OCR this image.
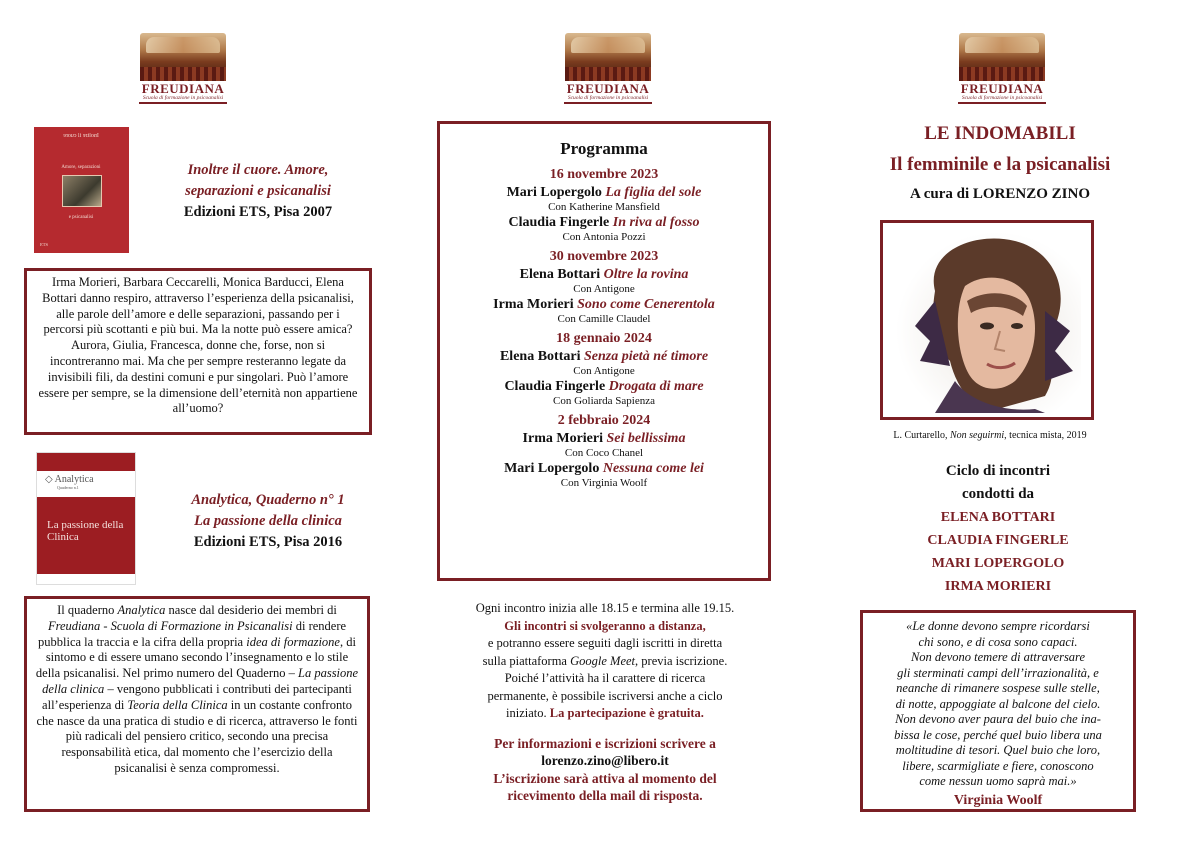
FREUDIANA
Scuola di formazione in psicoanalisi
FREUDIANA
Scuola di formazione in psicoanalisi
FREUDIANA
Scuola di formazione in psicoanalisi
Inoltre il cuore
Amore, separazioni
e psicanalisi
ETS
Inoltre il cuore. Amore,
separazioni e psicanalisi
Edizioni ETS, Pisa 2007
Irma Morieri, Barbara Ceccarelli, Monica Barducci, Elena Bottari danno respiro, attraverso l’esperienza della psicanalisi, alle parole dell’amore e delle separazioni, passando per i percorsi più scottanti e più bui. Ma la notte può essere amica? Aurora, Giulia, Francesca, donne che, forse, non si incontreranno mai. Ma che per sempre resteranno legate da invisibili fili, da destini comuni e pur singolari. Può l’amore essere per sempre, se la dimensione dell’eternità non appartiene all’uomo?
◇ Analytica
Quaderno n.1
La passione della Clinica
Analytica, Quaderno n° 1
La passione della clinica
Edizioni ETS, Pisa 2016
Il quaderno Analytica nasce dal desiderio dei membri di Freudiana - Scuola di Formazione in Psicanalisi di rendere pubblica la traccia e la cifra della propria idea di formazione, di sintomo e di essere umano secondo l’insegnamento e lo stile della psicanalisi. Nel primo numero del Quaderno – La passione della clinica – vengono pubblicati i contributi dei partecipanti all’esperienza di Teoria della Clinica in un costante confronto che nasce da una pratica di studio e di ricerca, attraverso le fonti più radicali del pensiero critico, secondo una precisa responsabilità etica, dal momento che l’esercizio della psicanalisi è senza compromessi.
Programma
16 novembre 2023
Mari Lopergolo La figlia del sole
Con Katherine Mansfield
Claudia Fingerle In riva al fosso
Con Antonia Pozzi
30 novembre 2023
Elena Bottari Oltre la rovina
Con Antigone
Irma Morieri Sono come Cenerentola
Con Camille Claudel
18 gennaio 2024
Elena Bottari Senza pietà né timore
Con Antigone
Claudia Fingerle Drogata di mare
Con Goliarda Sapienza
2 febbraio 2024
Irma Morieri Sei bellissima
Con Coco Chanel
Mari Lopergolo Nessuna come lei
Con Virginia Woolf
Ogni incontro inizia alle 18.15 e termina alle 19.15.
Gli incontri si svolgeranno a distanza,
e potranno essere seguiti dagli iscritti in diretta
sulla piattaforma Google Meet, previa iscrizione.
Poiché l’attività ha il carattere di ricerca
permanente, è possibile iscriversi anche a ciclo
iniziato. La partecipazione è gratuita.
Per informazioni e iscrizioni scrivere a
lorenzo.zino@libero.it
L’iscrizione sarà attiva al momento del
ricevimento della mail di risposta.
LE INDOMABILI
Il femminile e la psicanalisi
A cura di LORENZO ZINO
L. Curtarello, Non seguirmi, tecnica mista, 2019
Ciclo di incontri
condotti da
ELENA BOTTARI
CLAUDIA FINGERLE
MARI LOPERGOLO
IRMA MORIERI
«Le donne devono sempre ricordarsi
chi sono, e di cosa sono capaci.
Non devono temere di attraversare
gli sterminati campi dell’irrazionalità, e
neanche di rimanere sospese sulle stelle,
di notte, appoggiate al balcone del cielo.
Non devono aver paura del buio che ina-
bissa le cose, perché quel buio libera una
moltitudine di tesori. Quel buio che loro,
libere, scarmigliate e fiere, conoscono
come nessun uomo saprà mai.»
Virginia Woolf
